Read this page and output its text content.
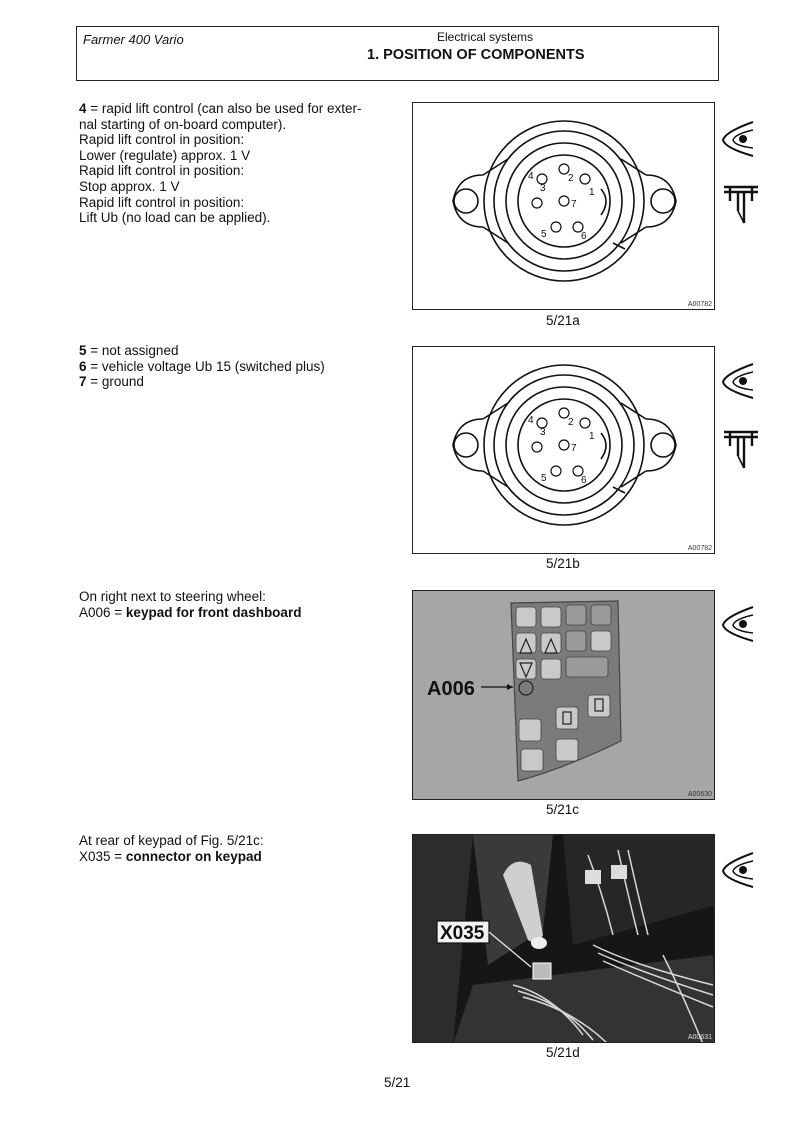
Farmer 400 Vario	Electrical systems
1. POSITION OF COMPONENTS
4 = rapid lift control (can also be used for exter-
nal starting of on-board computer).
Rapid lift control in position:
Lower (regulate) approx. 1 V
Rapid lift control in position:
Stop approx. 1 V
Rapid lift control in position:
Lift Ub (no load can be applied).
1
2
3
4
5	6
7
A00782
5/21a
5 = not assigned
6 = vehicle voltage Ub 15 (switched plus)
7 = ground
1
2
3
4
5	6
7
A00782
5/21b
On right next to steering wheel:
A006 = keypad for front dashboard
A006
A00630
5/21c
At rear of keypad of Fig. 5/21c:
X035 = connector on keypad
X035
A00631
5/21d
5/21
